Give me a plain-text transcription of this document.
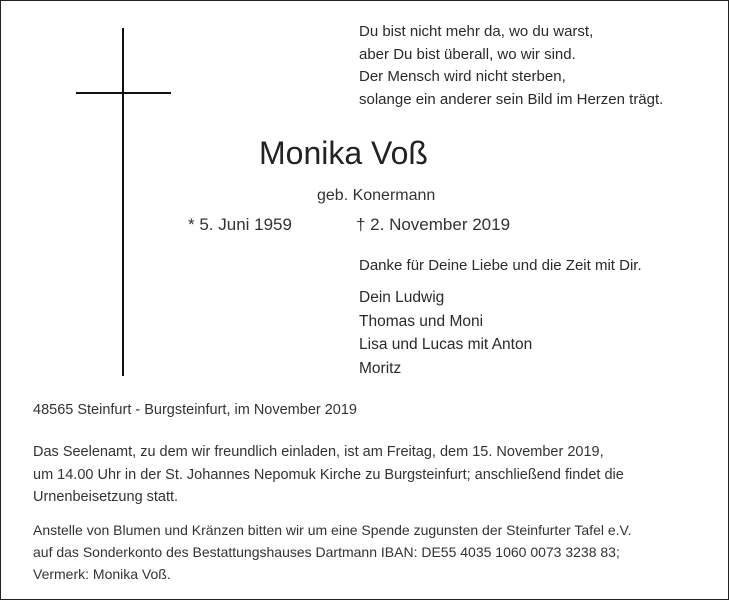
Du bist nicht mehr da, wo du warst,
aber Du bist überall, wo wir sind.
Der Mensch wird nicht sterben,
solange ein anderer sein Bild im Herzen trägt.
Monika Voß
geb. Konermann
* 5. Juni 1959	† 2. November 2019
Danke für Deine Liebe und die Zeit mit Dir.
Dein Ludwig
Thomas und Moni
Lisa und Lucas mit Anton
Moritz
48565 Steinfurt - Burgsteinfurt, im November 2019
Das Seelenamt, zu dem wir freundlich einladen, ist am Freitag, dem 15. November 2019,
um 14.00 Uhr in der St. Johannes Nepomuk Kirche zu Burgsteinfurt; anschließend findet die
Urnenbeisetzung statt.
Anstelle von Blumen und Kränzen bitten wir um eine Spende zugunsten der Steinfurter Tafel e.V.
auf das Sonderkonto des Bestattungshauses Dartmann IBAN: DE55 4035 1060 0073 3238 83;
Vermerk: Monika Voß.
